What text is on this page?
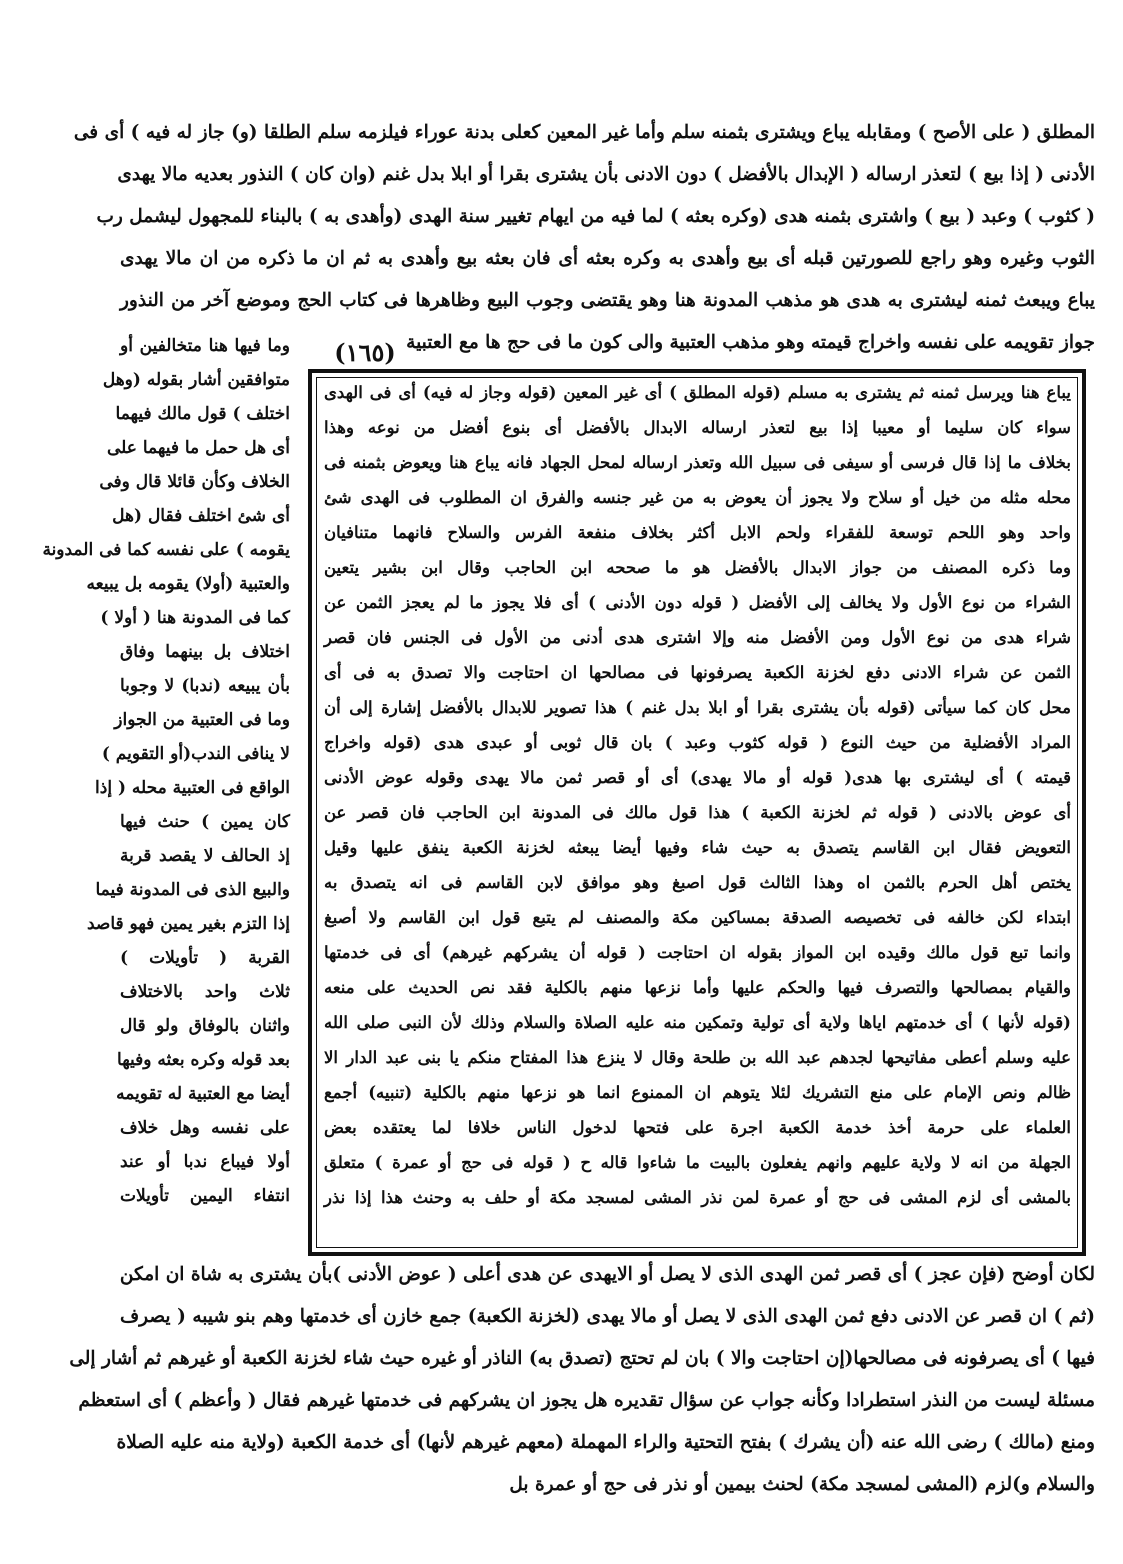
المطلق ( على الأصح ) ومقابله يباع ويشترى بثمنه سلم وأما غير المعين كعلى بدنة عوراء فيلزمه سلم الطلقا (و) جاز له فيه ) أى فى
الأدنى ( إذا بيع ) لتعذر ارساله ( الإبدال بالأفضل ) دون الادنى بأن يشترى بقرا أو ابلا بدل غنم (وان كان ) النذور بعديه مالا يهدى
( كثوب ) وعبد ( بيع ) واشترى بثمنه هدى (وكره بعثه ) لما فيه من ايهام تغيير سنة الهدى (وأهدى به ) بالبناء للمجهول ليشمل رب
الثوب وغيره وهو راجع للصورتين قبله أى بيع وأهدى به وكره بعثه أى فان بعثه بيع وأهدى به ثم ان ما ذكره من ان مالا يهدى
يباع ويبعث ثمنه ليشترى به هدى هو مذهب المدونة هنا وهو يقتضى وجوب البيع وظاهرها فى كتاب الحج وموضع آخر من النذور
جواز تقويمه على نفسه واخراج قيمته وهو مذهب العتبية والى كون ما فى حج ها مع العتبية
(١٦٥)
وما فيها هنا متخالفين أو
متوافقين أشار بقوله (وهل
اختلف ) قول مالك فيهما
أى هل حمل ما فيهما على
الخلاف وكأن قائلا قال وفى
أى شئ اختلف فقال (هل
يقومه ) على نفسه كما فى المدونة
والعتبية (أولا) يقومه بل يبيعه
كما فى المدونة هنا ( أولا )
اختلاف بل بينهما وفاق
بأن يبيعه (ندبا) لا وجوبا
وما فى العتبية من الجواز
لا ينافى الندب(أو التقويم )
الواقع فى العتبية محله ( إذا
كان يمين ) حنث فيها
إذ الحالف لا يقصد قربة
والبيع الذى فى المدونة فيما
إذا التزم بغير يمين فهو قاصد
القربة ( تأويلات )
ثلاث واحد بالاختلاف
واثنان بالوفاق ولو قال
بعد قوله وكره بعثه وفيها
أيضا مع العتبية له تقويمه
على نفسه وهل خلاف
أولا فيباع ندبا أو عند
انتفاء اليمين تأويلات
يباع هنا ويرسل ثمنه ثم يشترى به مسلم (قوله المطلق ) أى غير المعين (قوله وجاز له فيه) أى فى الهدى
سواء كان سليما أو معيبا إذا بيع لتعذر ارساله الابدال بالأفضل أى بنوع أفضل من نوعه وهذا
بخلاف ما إذا قال فرسى أو سيفى فى سبيل الله وتعذر ارساله لمحل الجهاد فانه يباع هنا ويعوض بثمنه فى
محله مثله من خيل أو سلاح ولا يجوز أن يعوض به من غير جنسه والفرق ان المطلوب فى الهدى شئ
واحد وهو اللحم توسعة للفقراء ولحم الابل أكثر بخلاف منفعة الفرس والسلاح فانهما متنافيان
وما ذكره المصنف من جواز الابدال بالأفضل هو ما صححه ابن الحاجب وقال ابن بشير يتعين
الشراء من نوع الأول ولا يخالف إلى الأفضل ( قوله دون الأدنى ) أى فلا يجوز ما لم يعجز الثمن عن
شراء هدى من نوع الأول ومن الأفضل منه وإلا اشترى هدى أدنى من الأول فى الجنس فان قصر
الثمن عن شراء الادنى دفع لخزنة الكعبة يصرفونها فى مصالحها ان احتاجت والا تصدق به فى أى
محل كان كما سيأتى (قوله بأن يشترى بقرا أو ابلا بدل غنم ) هذا تصوير للابدال بالأفضل إشارة إلى أن
المراد الأفضلية من حيث النوع ( قوله كثوب وعبد ) بان قال ثوبى أو عبدى هدى (قوله واخراج
قيمته ) أى ليشترى بها هدى( قوله أو مالا يهدى) أى أو قصر ثمن مالا يهدى وقوله عوض الأدنى
أى عوض بالادنى ( قوله ثم لخزنة الكعبة ) هذا قول مالك فى المدونة ابن الحاجب فان قصر عن
التعويض فقال ابن القاسم يتصدق به حيث شاء وفيها أيضا يبعثه لخزنة الكعبة ينفق عليها وقيل
يختص أهل الحرم بالثمن اه وهذا الثالث قول اصبغ وهو موافق لابن القاسم فى انه يتصدق به
ابتداء لكن خالفه فى تخصيصه الصدقة بمساكين مكة والمصنف لم يتبع قول ابن القاسم ولا أصبغ
وانما تبع قول مالك وقيده ابن المواز بقوله ان احتاجت ( قوله أن يشركهم غيرهم) أى فى خدمتها
والقيام بمصالحها والتصرف فيها والحكم عليها وأما نزعها منهم بالكلية فقد نص الحديث على منعه
(قوله لأنها ) أى خدمتهم اياها ولاية أى تولية وتمكين منه عليه الصلاة والسلام وذلك لأن النبى صلى الله
عليه وسلم أعطى مفاتيحها لجدهم عبد الله بن طلحة وقال لا ينزع هذا المفتاح منكم يا بنى عبد الدار الا
ظالم ونص الإمام على منع التشريك لئلا يتوهم ان الممنوع انما هو نزعها منهم بالكلية (تنبيه) أجمع
العلماء على حرمة أخذ خدمة الكعبة اجرة على فتحها لدخول الناس خلافا لما يعتقده بعض
الجهلة من انه لا ولاية عليهم وانهم يفعلون بالبيت ما شاءوا قاله ح ( قوله فى حج أو عمرة ) متعلق
بالمشى أى لزم المشى فى حج أو عمرة لمن نذر المشى لمسجد مكة أو حلف به وحنث هذا إذا نذر
لكان أوضح (فإن عجز ) أى قصر ثمن الهدى الذى لا يصل أو الايهدى عن هدى أعلى ( عوض الأدنى )بأن يشترى به شاة ان امكن
(ثم ) ان قصر عن الادنى دفع ثمن الهدى الذى لا يصل أو مالا يهدى (لخزنة الكعبة) جمع خازن أى خدمتها وهم بنو شيبه ( يصرف
فيها ) أى يصرفونه فى مصالحها(إن احتاجت والا ) بان لم تحتج (تصدق به) الناذر أو غيره حيث شاء لخزنة الكعبة أو غيرهم ثم أشار إلى
مسئلة ليست من النذر استطرادا وكأنه جواب عن سؤال تقديره هل يجوز ان يشركهم فى خدمتها غيرهم فقال ( وأعظم ) أى استعظم
ومنع (مالك ) رضى الله عنه (أن يشرك ) بفتح التحتية والراء المهملة (معهم غيرهم لأنها) أى خدمة الكعبة (ولاية منه عليه الصلاة
والسلام و)لزم (المشى لمسجد مكة) لحنث بيمين أو نذر فى حج أو عمرة بل
